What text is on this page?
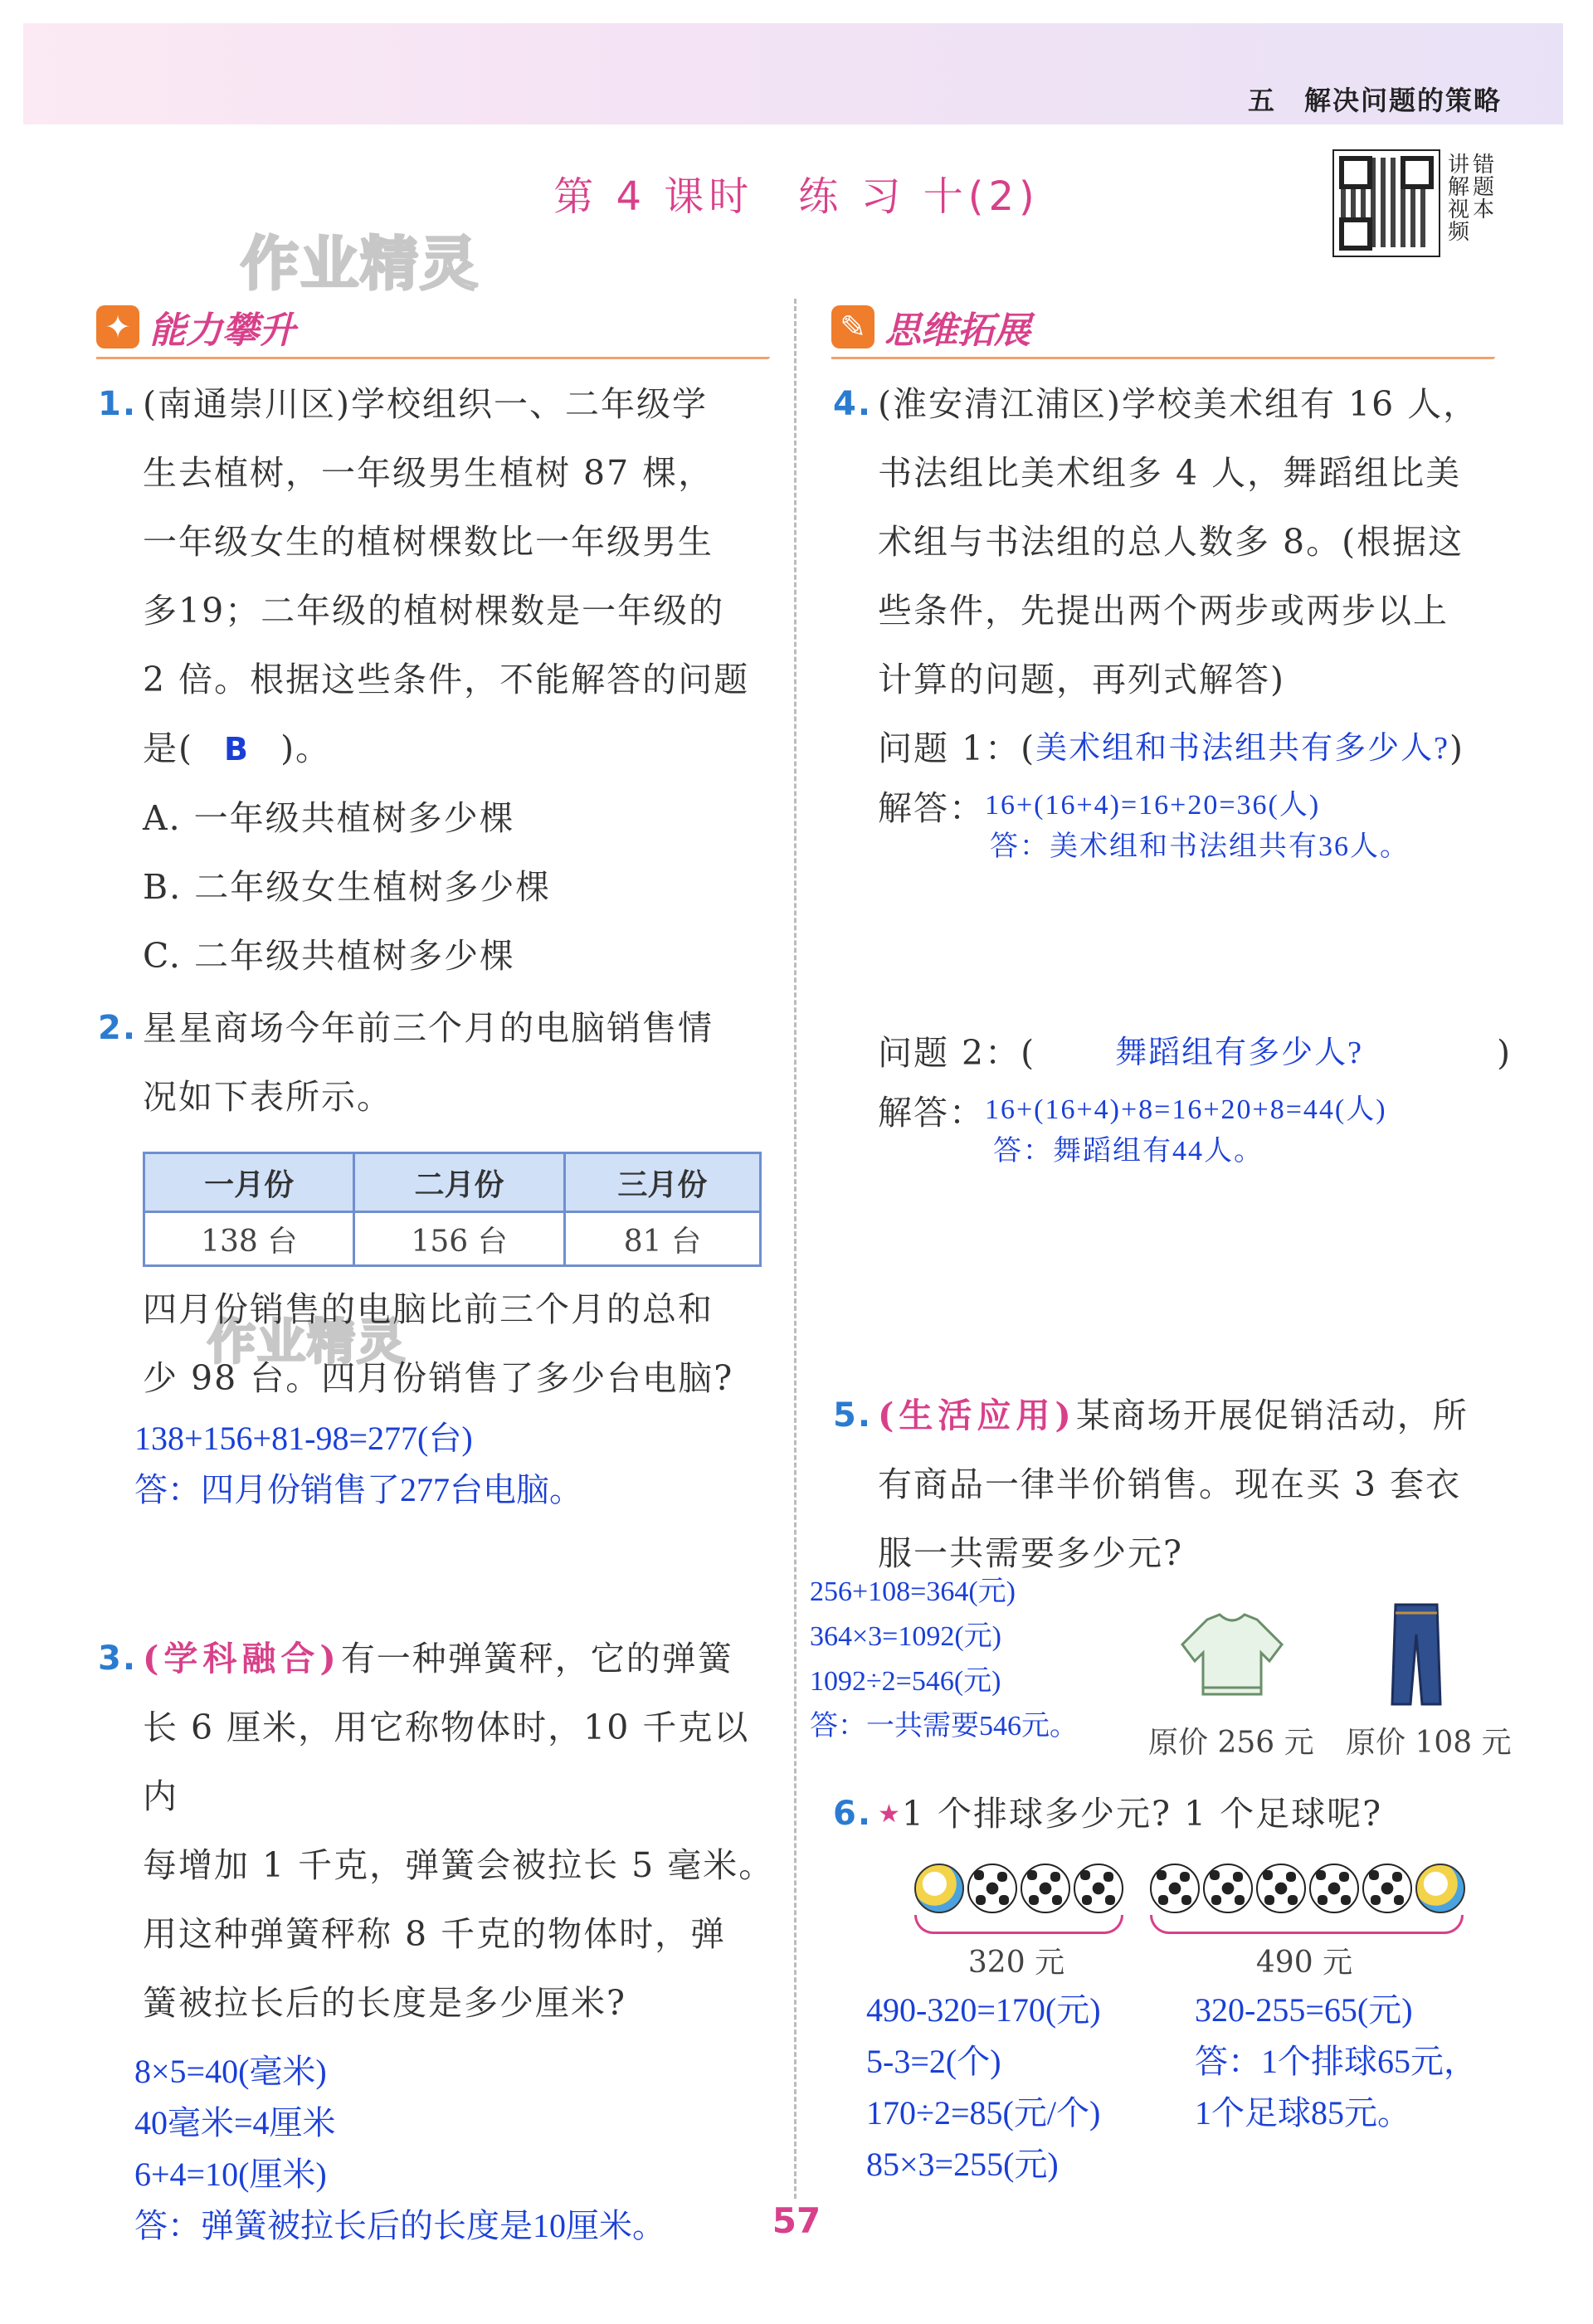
五　解决问题的策略
第 4 课时　练 习 十(2)
讲
解
视
频
错
题
本
作业精灵
作业精灵
✦ 能力攀升	✎ 思维拓展
1. (南通崇川区)学校组织一、二年级学
生去植树，一年级男生植树 87 棵，
一年级女生的植树棵数比一年级男生
多19；二年级的植树棵数是一年级的
2 倍。根据这些条件，不能解答的问题
是( B )。
A. 一年级共植树多少棵
B. 二年级女生植树多少棵
C. 二年级共植树多少棵
2. 星星商场今年前三个月的电脑销售情
况如下表所示。
一月份	二月份	三月份
138 台	156 台	81 台
四月份销售的电脑比前三个月的总和
少 98 台。四月份销售了多少台电脑?
138+156+81-98=277(台)
答：四月份销售了277台电脑。
3. (学科融合)有一种弹簧秤，它的弹簧
长 6 厘米，用它称物体时，10 千克以内
每增加 1 千克，弹簧会被拉长 5 毫米。
用这种弹簧秤称 8 千克的物体时，弹
簧被拉长后的长度是多少厘米?
8×5=40(毫米)
40毫米=4厘米
6+4=10(厘米)
答：弹簧被拉长后的长度是10厘米。
4. (淮安清江浦区)学校美术组有 16 人，
书法组比美术组多 4 人，舞蹈组比美
术组与书法组的总人数多 8。(根据这
些条件，先提出两个两步或两步以上
计算的问题，再列式解答)
问题 1：( 美术组和书法组共有多少人? )
解答： 16+(16+4)=16+20=36(人)
答：美术组和书法组共有36人。
问题 2：(	舞蹈组有多少人?	)
解答： 16+(16+4)+8=16+20+8=44(人)
答：舞蹈组有44人。
5. (生活应用)某商场开展促销活动，所
有商品一律半价销售。现在买 3 套衣
服一共需要多少元?
256+108=364(元)
364×3=1092(元)
1092÷2=546(元)
答：一共需要546元。 原价 256 元 原价 108 元
6. ★1 个排球多少元? 1 个足球呢?
320 元	490 元
490-320=170(元)
5-3=2(个)
170÷2=85(元/个)
85×3=255(元)
320-255=65(元)
答：1个排球65元，
1个足球85元。
57
